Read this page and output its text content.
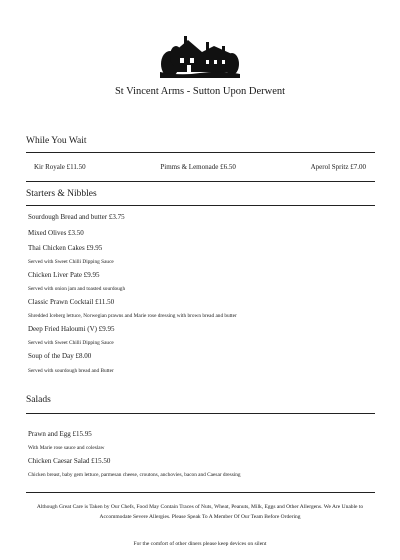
St Vincent Arms - Sutton Upon Derwent
While You Wait
Kir Royale £11.50	Pimms & Lemonade £6.50	Aperol Spritz £7.00
Starters & Nibbles
Sourdough Bread and butter £3.75
Mixed Olives £3.50
Thai Chicken Cakes £9.95
Served with Sweet Chilli Dipping Sauce
Chicken Liver Pate £9.95
Served with onion jam and toasted sourdough
Classic Prawn Cocktail £11.50
Shredded Iceberg lettuce, Norwegian prawns and Marie rose dressing with brown bread and butter
Deep Fried Haloumi (V) £9.95
Served with Sweet Chilli Dipping Sauce
Soup of the Day £8.00
Served with sourdough bread and Butter
Salads
Prawn and Egg £15.95
With Marie rose sauce and coleslaw
Chicken Caesar Salad £15.50
Chicken breast, baby gem lettuce, parmesan cheese, croutons, anchovies, bacon and Caesar dressing
Although Great Care is Taken by Our Chefs, Food May Contain Traces of Nuts, Wheat, Peanuts, Milk, Eggs and Other Allergens. We Are Unable to Accommodate Severe Allergies. Please Speak To A Member Of Our Team Before Ordering
For the comfort of other diners please keep devices on silent
